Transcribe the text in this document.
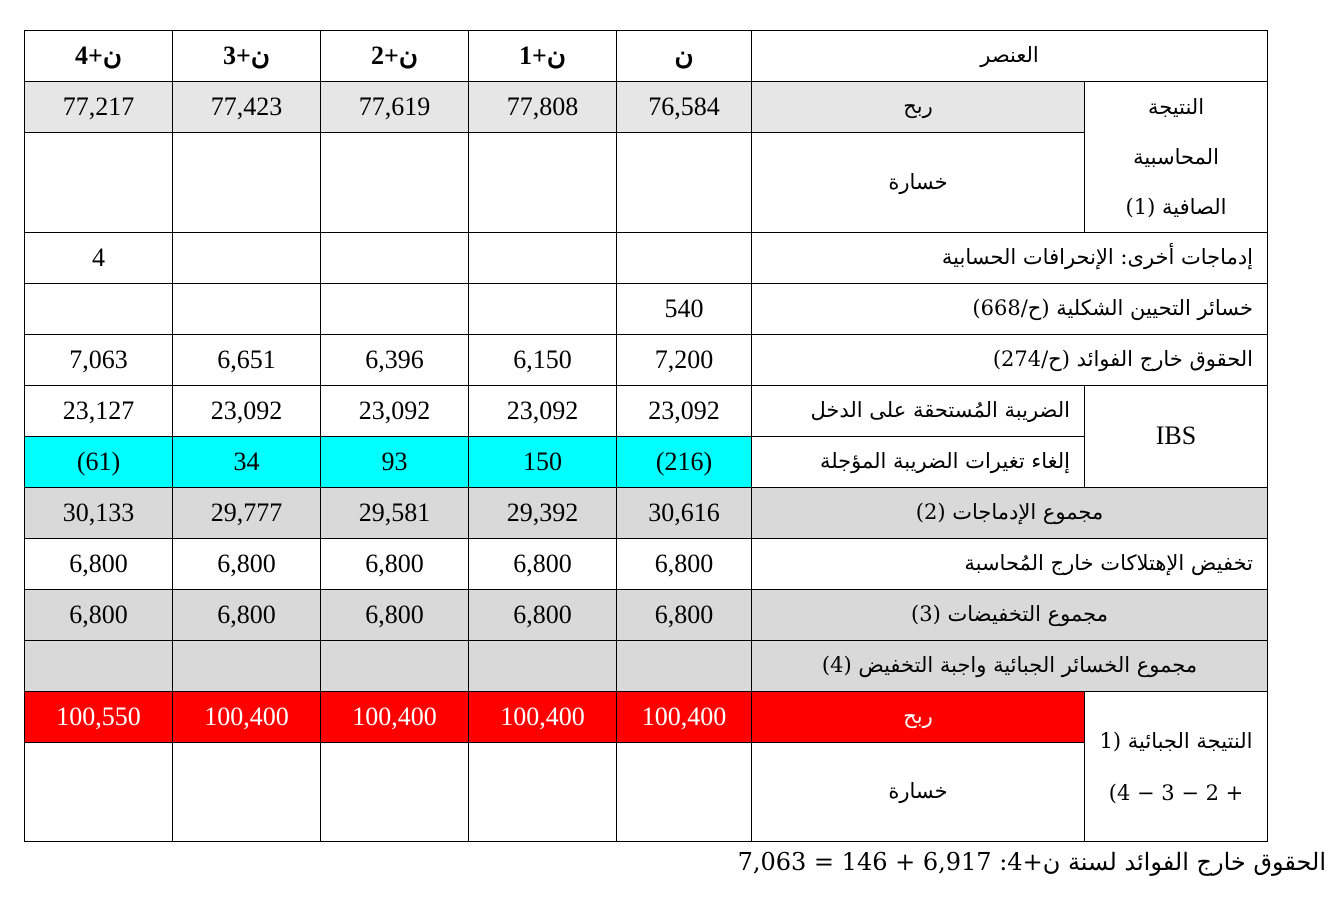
ن+4	ن+3	ن+2	ن+1	ن	العنصر	
77,217	77,423	77,619	77,808	76,584	ربح	النتيجة المحاسبية الصافية (1)
					خسارة	
4					إدماجات أخرى: الإنحرافات الحسابية	
				540	خسائر التحيين الشكلية (ح/668)	
7,063	6,651	6,396	6,150	7,200	الحقوق خارج الفوائد (ح/274)	
23,127	23,092	23,092	23,092	23,092	الضريبة المُستحقة على الدخل	IBS
(61)	34	93	150	(216)	إلغاء تغيرات الضريبة المؤجلة	
30,133	29,777	29,581	29,392	30,616	مجموع الإدماجات (2)	
6,800	6,800	6,800	6,800	6,800	تخفيض الإهتلاكات خارج المُحاسبة	
6,800	6,800	6,800	6,800	6,800	مجموع التخفيضات (3)	
					مجموع الخسائر الجبائية واجبة التخفيض (4)	
100,550	100,400	100,400	100,400	100,400	ربح	النتيجة الجبائية (1 + 2 − 3 − 4)
					خسارة	
الحقوق خارج الفوائد لسنة ن+4: 6,917 + 146 = 7,063
